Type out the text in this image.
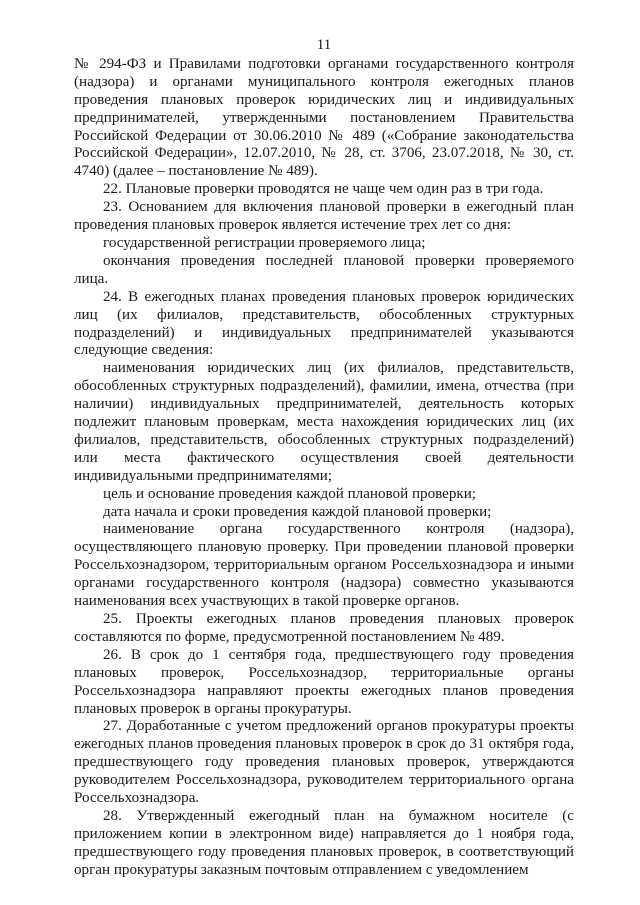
11

№ 294-ФЗ и Правилами подготовки органами государственного контроля (надзора) и органами муниципального контроля ежегодных планов проведения плановых проверок юридических лиц и индивидуальных предпринимателей, утвержденными постановлением Правительства Российской Федерации от 30.06.2010 № 489 («Собрание законодательства Российской Федерации», 12.07.2010, № 28, ст. 3706, 23.07.2018, № 30, ст. 4740) (далее – постановление № 489).

22. Плановые проверки проводятся не чаще чем один раз в три года.

23. Основанием для включения плановой проверки в ежегодный план проведения плановых проверок является истечение трех лет со дня:

государственной регистрации проверяемого лица;

окончания проведения последней плановой проверки проверяемого лица.

24. В ежегодных планах проведения плановых проверок юридических лиц (их филиалов, представительств, обособленных структурных подразделений) и индивидуальных предпринимателей указываются следующие сведения:

наименования юридических лиц (их филиалов, представительств, обособленных структурных подразделений), фамилии, имена, отчества (при наличии) индивидуальных предпринимателей, деятельность которых подлежит плановым проверкам, места нахождения юридических лиц (их филиалов, представительств, обособленных структурных подразделений) или места фактического осуществления своей деятельности индивидуальными предпринимателями;

цель и основание проведения каждой плановой проверки;

дата начала и сроки проведения каждой плановой проверки;

наименование органа государственного контроля (надзора), осуществляющего плановую проверку. При проведении плановой проверки Россельхознадзором, территориальным органом Россельхознадзора и иными органами государственного контроля (надзора) совместно указываются наименования всех участвующих в такой проверке органов.

25. Проекты ежегодных планов проведения плановых проверок составляются по форме, предусмотренной постановлением № 489.

26. В срок до 1 сентября года, предшествующего году проведения плановых проверок, Россельхознадзор, территориальные органы Россельхознадзора направляют проекты ежегодных планов проведения плановых проверок в органы прокуратуры.

27. Доработанные с учетом предложений органов прокуратуры проекты ежегодных планов проведения плановых проверок в срок до 31 октября года, предшествующего году проведения плановых проверок, утверждаются руководителем Россельхознадзора, руководителем территориального органа Россельхознадзора.

28. Утвержденный ежегодный план на бумажном носителе (с приложением копии в электронном виде) направляется до 1 ноября года, предшествующего году проведения плановых проверок, в соответствующий орган прокуратуры заказным почтовым отправлением с уведомлением
